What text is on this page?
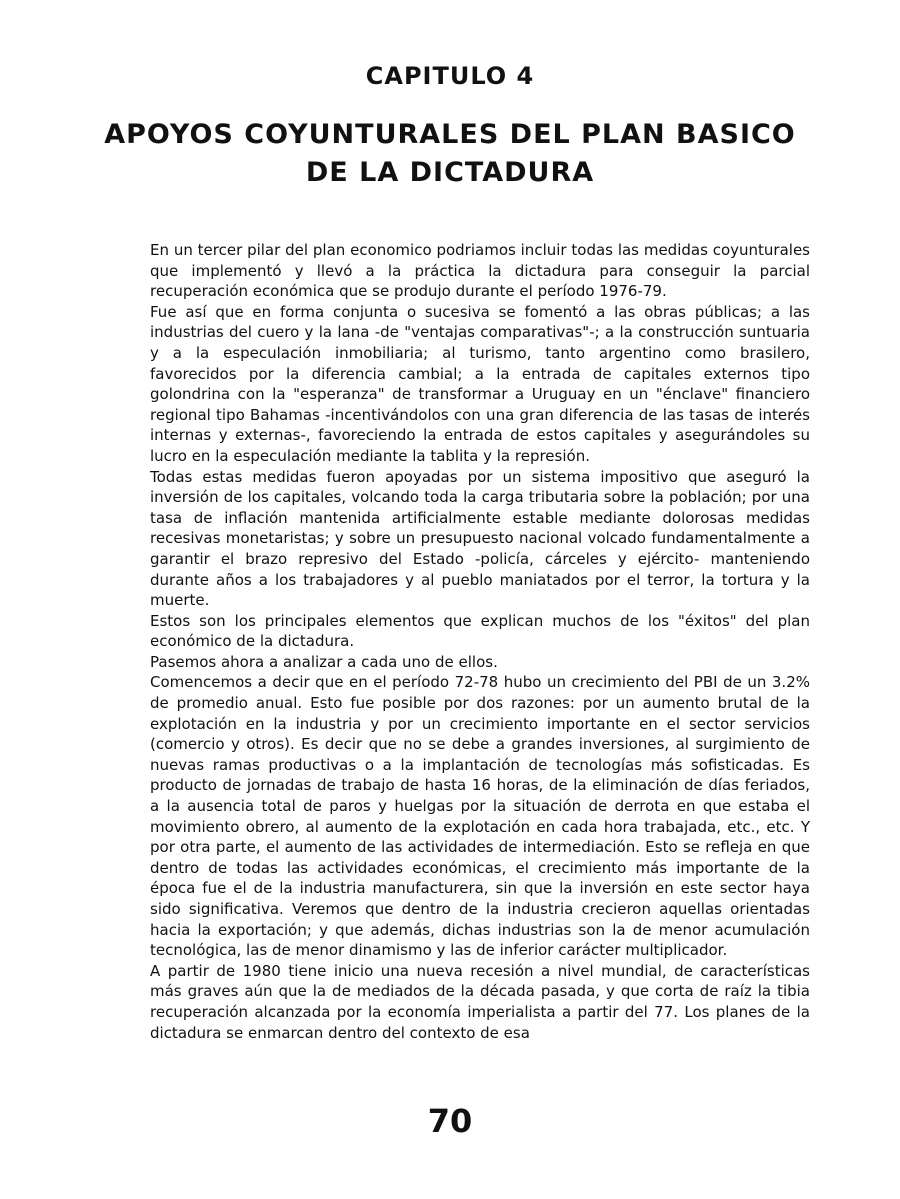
CAPITULO 4
APOYOS COYUNTURALES DEL PLAN BASICO
DE LA DICTADURA

En un tercer pilar del plan economico podriamos incluir todas las medidas coyunturales que implementó y llevó a la práctica la dictadura para conseguir la parcial recuperación económica que se produjo durante el período 1976-79.

Fue así que en forma conjunta o sucesiva se fomentó a las obras públicas; a las industrias del cuero y la lana -de "ventajas comparativas"-; a la construcción suntuaria y a la especulación inmobiliaria; al turismo, tanto argentino como brasilero, favorecidos por la diferencia cambial; a la entrada de capitales externos tipo golondrina con la "esperanza" de transformar a Uruguay en un "énclave" financiero regional tipo Bahamas -incentivándolos con una gran diferencia de las tasas de interés internas y externas-, favoreciendo la entrada de estos capitales y asegurándoles su lucro en la especulación mediante la tablita y la represión.

Todas estas medidas fueron apoyadas por un sistema impositivo que aseguró la inversión de los capitales, volcando toda la carga tributaria sobre la población; por una tasa de inflación mantenida artificialmente estable mediante dolorosas medidas recesivas monetaristas; y sobre un presupuesto nacional volcado fundamentalmente a garantir el brazo represivo del Estado -policía, cárceles y ejército- manteniendo durante años a los trabajadores y al pueblo maniatados por el terror, la tortura y la muerte.

Estos son los principales elementos que explican muchos de los "éxitos" del plan económico de la dictadura.

Pasemos ahora a analizar a cada uno de ellos.

Comencemos a decir que en el período 72-78 hubo un crecimiento del PBI de un 3.2% de promedio anual. Esto fue posible por dos razones: por un aumento brutal de la explotación en la industria y por un crecimiento importante en el sector servicios (comercio y otros). Es decir que no se debe a grandes inversiones, al surgimiento de nuevas ramas productivas o a la implantación de tecnologías más sofisticadas. Es producto de jornadas de trabajo de hasta 16 horas, de la eliminación de días feriados, a la ausencia total de paros y huelgas por la situación de derrota en que estaba el movimiento obrero, al aumento de la explotación en cada hora trabajada, etc., etc. Y por otra parte, el aumento de las actividades de intermediación. Esto se refleja en que dentro de todas las actividades económicas, el crecimiento más importante de la época fue el de la industria manufacturera, sin que la inversión en este sector haya sido significativa. Veremos que dentro de la industria crecieron aquellas orientadas hacia la exportación; y que además, dichas industrias son la de menor acumulación tecnológica, las de menor dinamismo y las de inferior carácter multiplicador.

A partir de 1980 tiene inicio una nueva recesión a nivel mundial, de características más graves aún que la de mediados de la década pasada, y que corta de raíz la tibia recuperación alcanzada por la economía imperialista a partir del 77. Los planes de la dictadura se enmarcan dentro del contexto de esa

70
